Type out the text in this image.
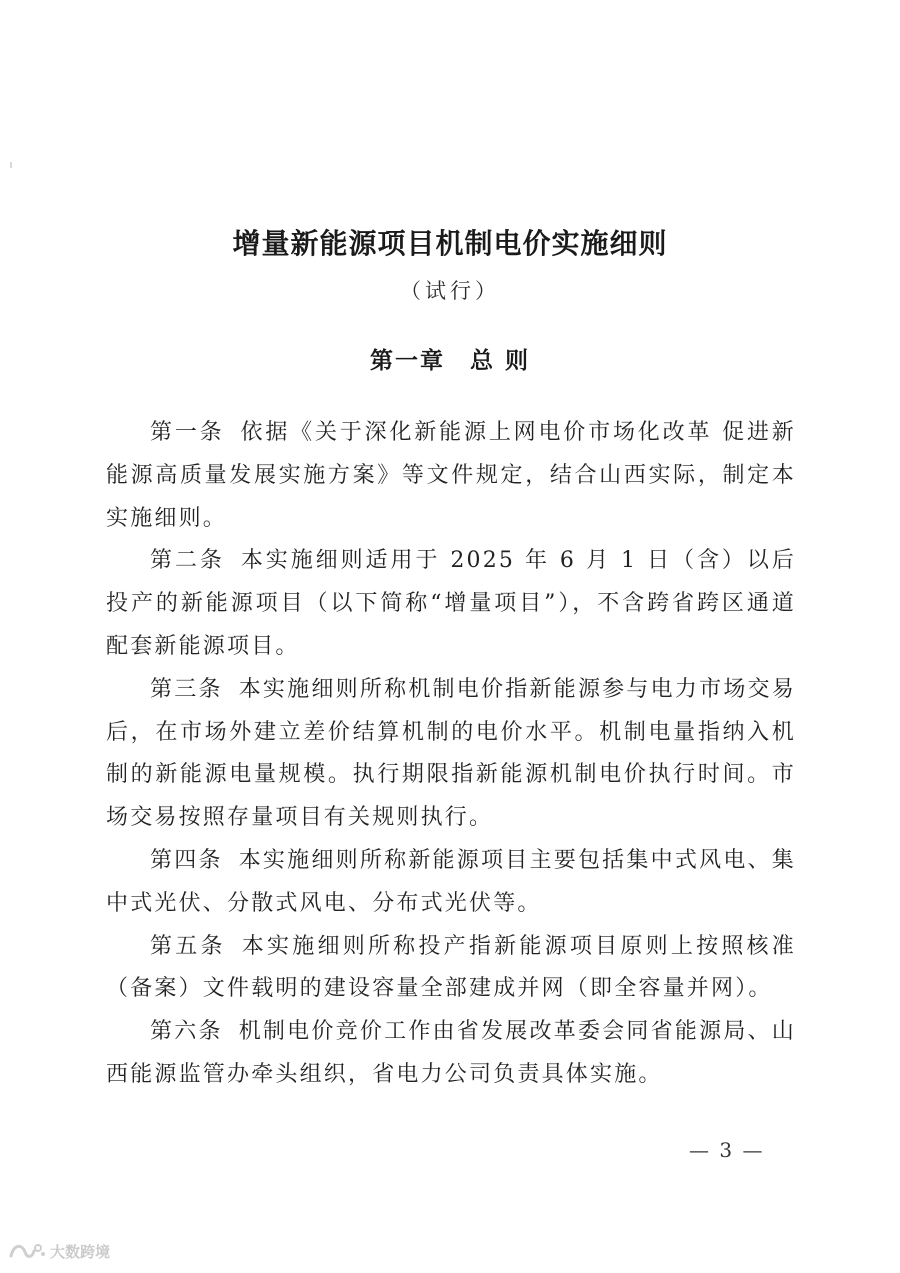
增量新能源项目机制电价实施细则
（试行）
第一章　总 则

第一条 依据《关于深化新能源上网电价市场化改革 促进新能源高质量发展实施方案》等文件规定，结合山西实际，制定本实施细则。

第二条 本实施细则适用于 2025 年 6 月 1 日（含）以后投产的新能源项目（以下简称“增量项目”），不含跨省跨区通道配套新能源项目。

第三条 本实施细则所称机制电价指新能源参与电力市场交易后，在市场外建立差价结算机制的电价水平。机制电量指纳入机制的新能源电量规模。执行期限指新能源机制电价执行时间。市场交易按照存量项目有关规则执行。

第四条 本实施细则所称新能源项目主要包括集中式风电、集中式光伏、分散式风电、分布式光伏等。

第五条 本实施细则所称投产指新能源项目原则上按照核准（备案）文件载明的建设容量全部建成并网（即全容量并网）。

第六条 机制电价竞价工作由省发展改革委会同省能源局、山西能源监管办牵头组织，省电力公司负责具体实施。

— 3 —
大数跨境
